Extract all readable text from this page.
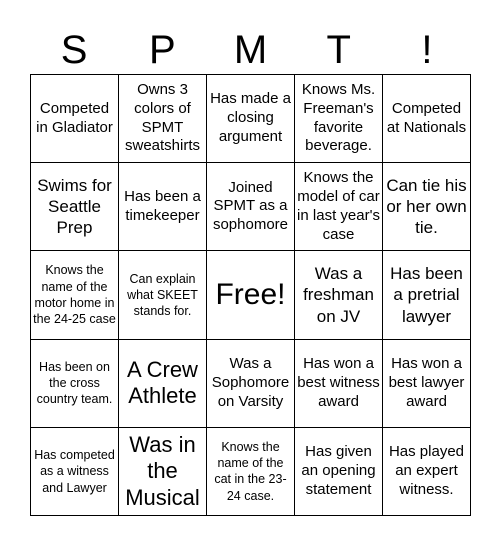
S	P	M	T	!
Competed in Gladiator
Owns 3 colors of SPMT sweatshirts
Has made a closing argument
Knows Ms. Freeman's favorite beverage.
Competed at Nationals
Swims for Seattle Prep
Has been a timekeeper
Joined SPMT as a sophomore
Knows the model of car in last year's case
Can tie his or her own tie.
Knows the name of the motor home in the 24-25 case
Can explain what SKEET stands for. Free!
Was a freshman on JV
Has been a pretrial lawyer
Has been on the cross country team.
A Crew Athlete
Was a Sophomore on Varsity
Has won a best witness award
Has won a best lawyer award
Has competed as a witness and Lawyer
Was in the Musical
Knows the name of the cat in the 23-24 case.
Has given an opening statement
Has played an expert witness.
